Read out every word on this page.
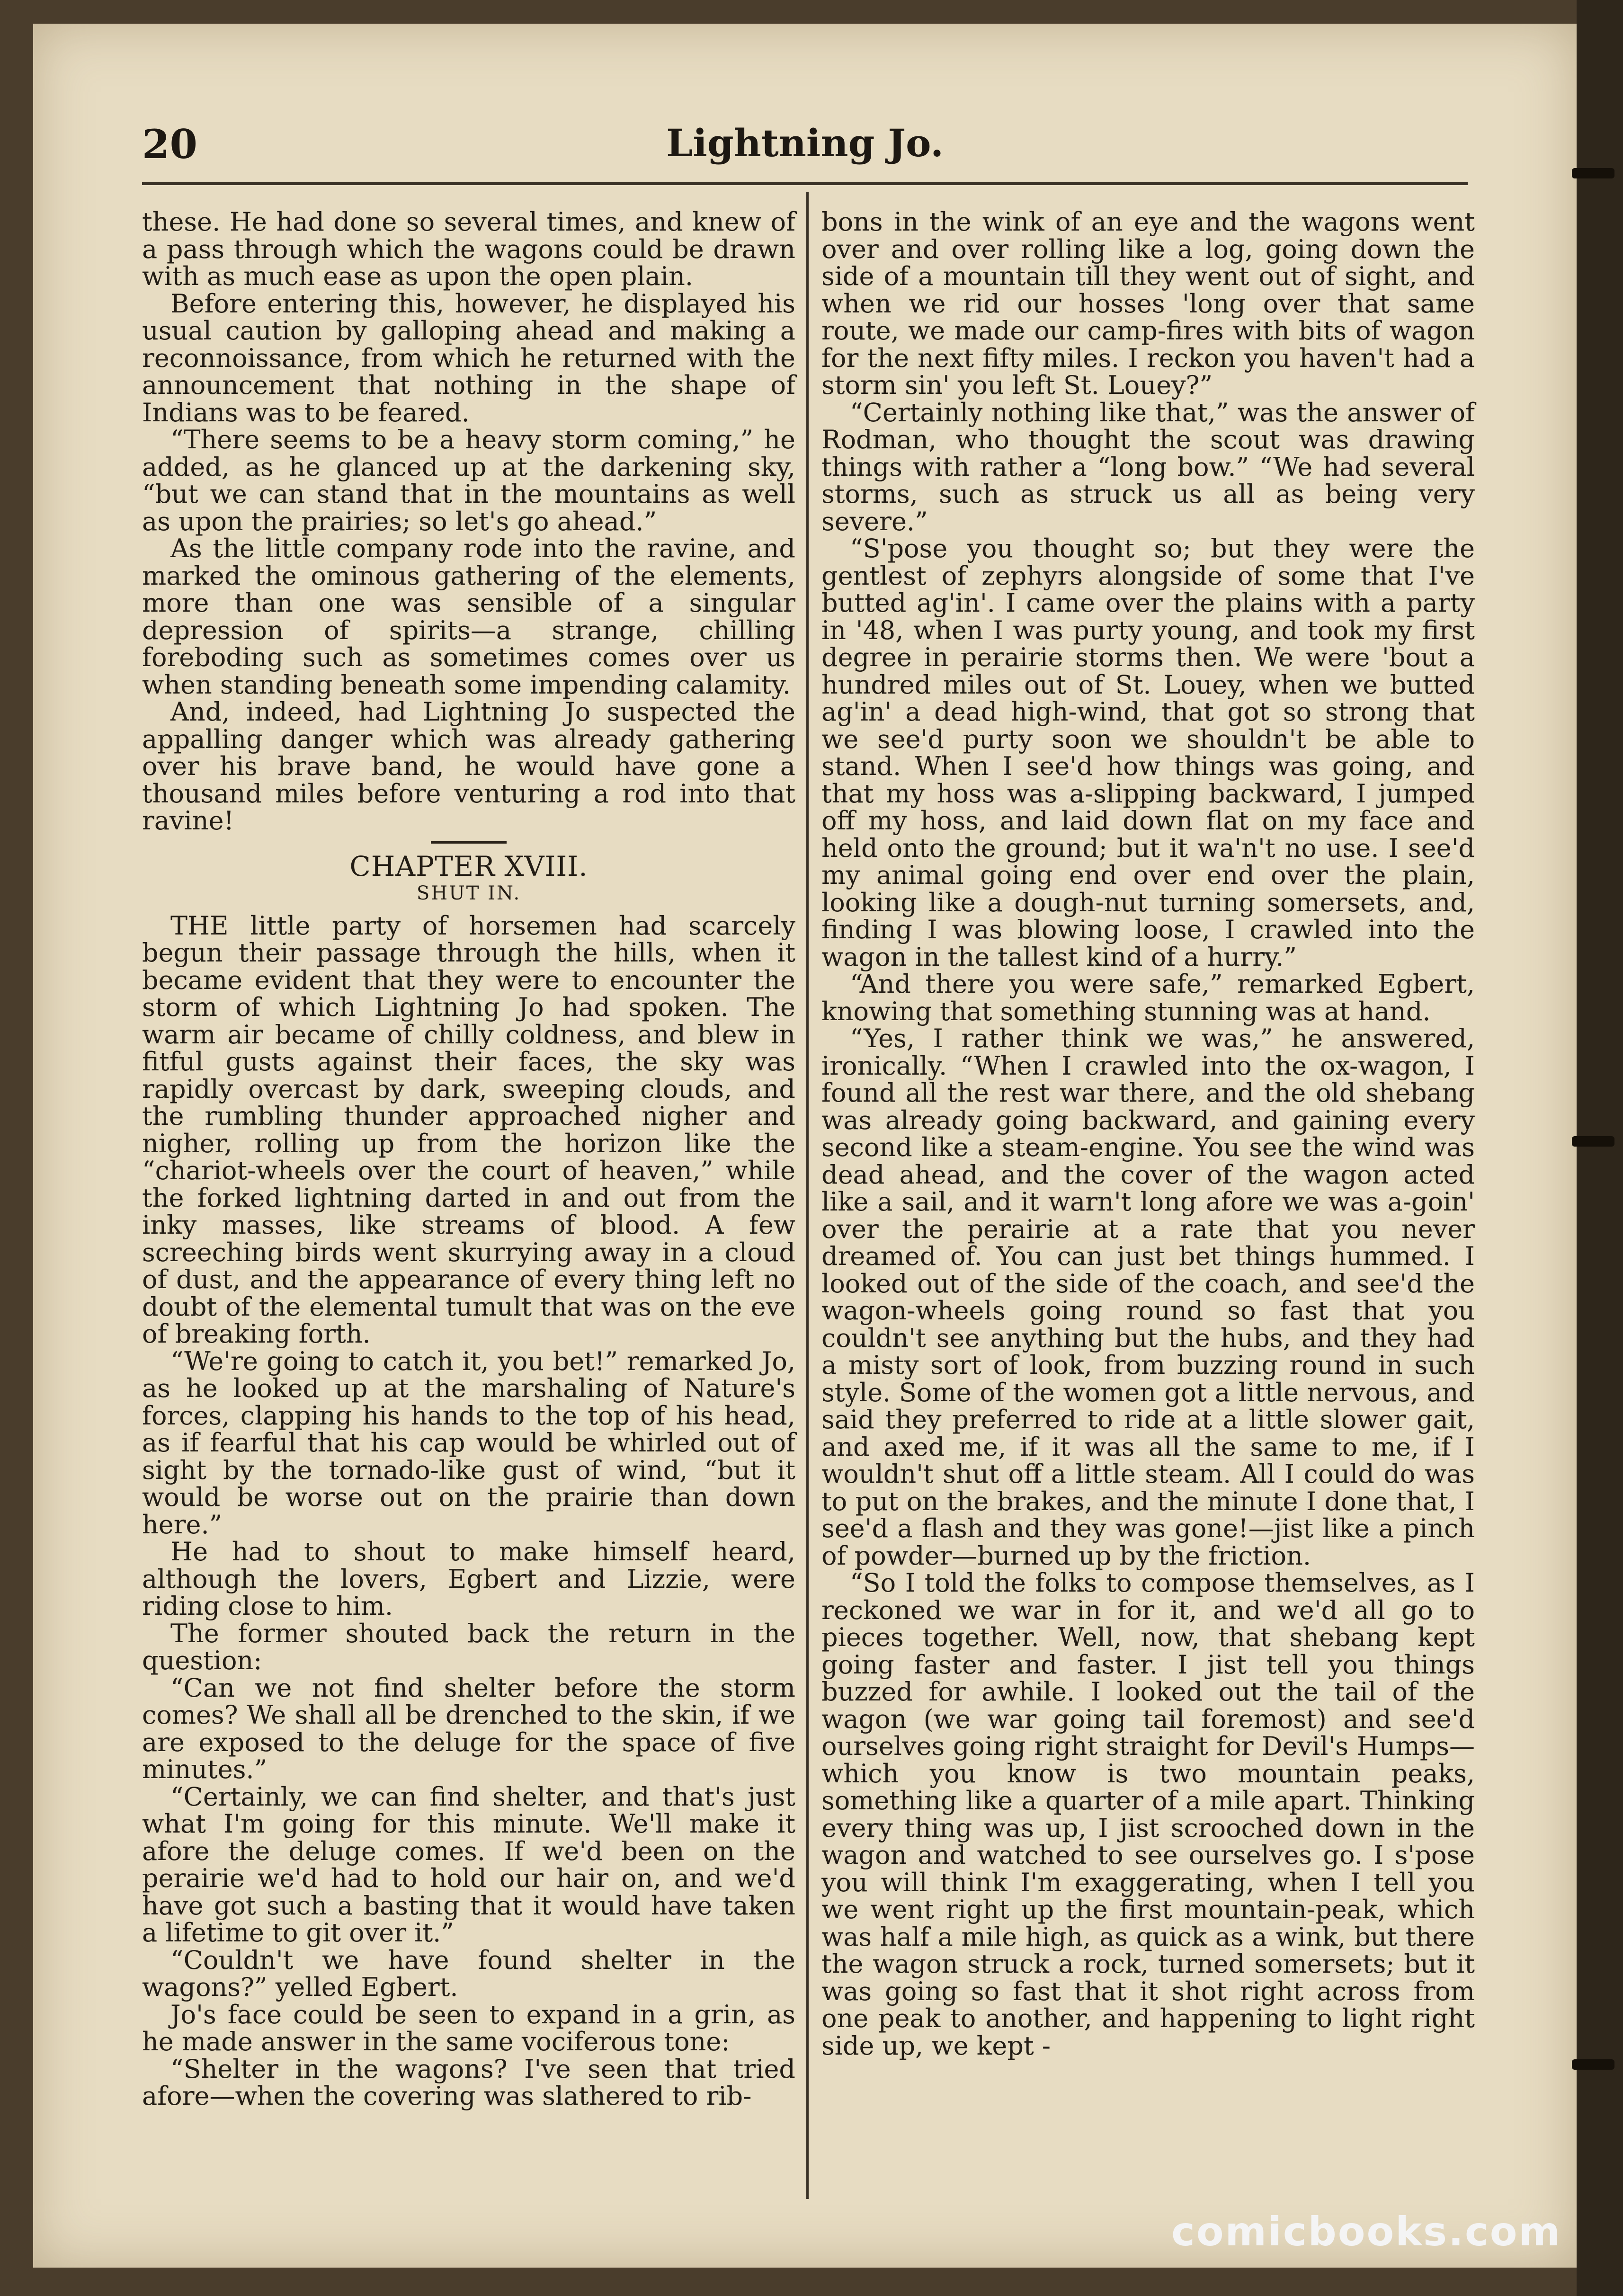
20	Lightning Jo.

these. He had done so several times, and knew of a pass through which the wagons could be drawn with as much ease as upon the open plain.

Before entering this, however, he displayed his usual caution by galloping ahead and making a reconnoissance, from which he returned with the announcement that nothing in the shape of Indians was to be feared.

“There seems to be a heavy storm coming,” he added, as he glanced up at the darkening sky, “but we can stand that in the mountains as well as upon the prairies; so let's go ahead.”

As the little company rode into the ravine, and marked the ominous gathering of the elements, more than one was sensible of a singular depression of spirits—a strange, chilling foreboding such as sometimes comes over us when standing beneath some impending calamity.

And, indeed, had Lightning Jo suspected the appalling danger which was already gathering over his brave band, he would have gone a thousand miles before venturing a rod into that ravine!

CHAPTER XVIII.
SHUT IN.

THE little party of horsemen had scarcely begun their passage through the hills, when it became evident that they were to encounter the storm of which Lightning Jo had spoken. The warm air became of chilly coldness, and blew in fitful gusts against their faces, the sky was rapidly overcast by dark, sweeping clouds, and the rumbling thunder approached nigher and nigher, rolling up from the horizon like the “chariot-wheels over the court of heaven,” while the forked lightning darted in and out from the inky masses, like streams of blood. A few screeching birds went skurrying away in a cloud of dust, and the appearance of every thing left no doubt of the elemental tumult that was on the eve of breaking forth.

“We're going to catch it, you bet!” remarked Jo, as he looked up at the marshaling of Nature's forces, clapping his hands to the top of his head, as if fearful that his cap would be whirled out of sight by the tornado-like gust of wind, “but it would be worse out on the prairie than down here.”

He had to shout to make himself heard, although the lovers, Egbert and Lizzie, were riding close to him.

The former shouted back the return in the question:

“Can we not find shelter before the storm comes? We shall all be drenched to the skin, if we are exposed to the deluge for the space of five minutes.”

“Certainly, we can find shelter, and that's just what I'm going for this minute. We'll make it afore the deluge comes. If we'd been on the perairie we'd had to hold our hair on, and we'd have got such a basting that it would have taken a lifetime to git over it.”

“Couldn't we have found shelter in the wagons?” yelled Egbert.

Jo's face could be seen to expand in a grin, as he made answer in the same vociferous tone:

“Shelter in the wagons? I've seen that tried afore—when the covering was slathered to rib-

bons in the wink of an eye and the wagons went over and over rolling like a log, going down the side of a mountain till they went out of sight, and when we rid our hosses 'long over that same route, we made our camp-fires with bits of wagon for the next fifty miles. I reckon you haven't had a storm sin' you left St. Louey?”

“Certainly nothing like that,” was the answer of Rodman, who thought the scout was drawing things with rather a “long bow.” “We had several storms, such as struck us all as being very severe.”

“S'pose you thought so; but they were the gentlest of zephyrs alongside of some that I've butted ag'in'. I came over the plains with a party in '48, when I was purty young, and took my first degree in perairie storms then. We were 'bout a hundred miles out of St. Louey, when we butted ag'in' a dead high-wind, that got so strong that we see'd purty soon we shouldn't be able to stand. When I see'd how things was going, and that my hoss was a-slipping backward, I jumped off my hoss, and laid down flat on my face and held onto the ground; but it wa'n't no use. I see'd my animal going end over end over the plain, looking like a dough-nut turning somersets, and, finding I was blowing loose, I crawled into the wagon in the tallest kind of a hurry.”

“And there you were safe,” remarked Egbert, knowing that something stunning was at hand.

“Yes, I rather think we was,” he answered, ironically. “When I crawled into the ox-wagon, I found all the rest war there, and the old shebang was already going backward, and gaining every second like a steam-engine. You see the wind was dead ahead, and the cover of the wagon acted like a sail, and it warn't long afore we was a-goin' over the perairie at a rate that you never dreamed of. You can just bet things hummed. I looked out of the side of the coach, and see'd the wagon-wheels going round so fast that you couldn't see anything but the hubs, and they had a misty sort of look, from buzzing round in such style. Some of the women got a little nervous, and said they preferred to ride at a little slower gait, and axed me, if it was all the same to me, if I wouldn't shut off a little steam. All I could do was to put on the brakes, and the minute I done that, I see'd a flash and they was gone!—jist like a pinch of powder—burned up by the friction.

“So I told the folks to compose themselves, as I reckoned we war in for it, and we'd all go to pieces together. Well, now, that shebang kept going faster and faster. I jist tell you things buzzed for awhile. I looked out the tail of the wagon (we war going tail foremost) and see'd ourselves going right straight for Devil's Humps—which you know is two mountain peaks, something like a quarter of a mile apart. Thinking every thing was up, I jist scrooched down in the wagon and watched to see ourselves go. I s'pose you will think I'm exaggerating, when I tell you we went right up the first mountain-peak, which was half a mile high, as quick as a wink, but there the wagon struck a rock, turned somersets; but it was going so fast that it shot right across from one peak to another, and happening to light right side up, we kept -

comicbooks.com
